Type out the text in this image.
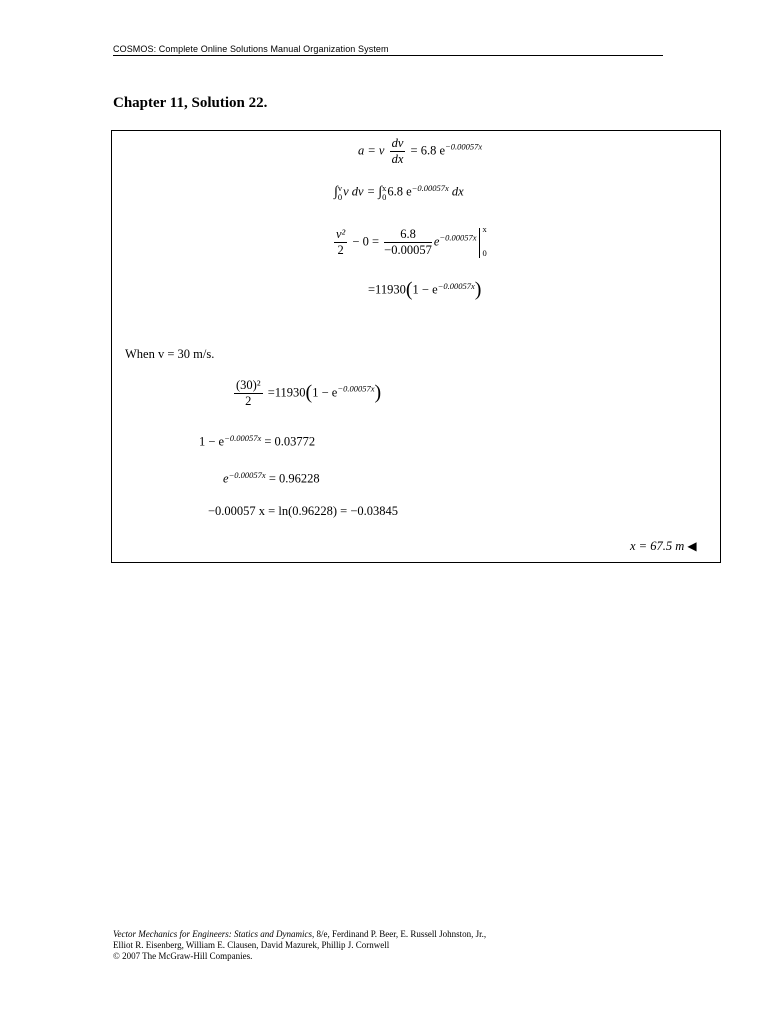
COSMOS: Complete Online Solutions Manual Organization System
Chapter 11, Solution 22.
a = v $\frac{dv}{dx} = 6.8$ $e^{-0.00057x}$
∫ v
0 v dv = ∫ x
0 6.8 $e^{-0.00057x}$ dx
$\frac{\text{v²}}{2} - 0 = \frac{6.8}{-0.00057} e^{-0.00057x}$
x
0
$=11930(1 - e^{-0.00057x})$
When v = 30 m/s.
$\frac{\text{(30)²}}{2} =11930(1 - e^{-0.00057x})$
$1 - e^{-0.00057x} = 0.03772$
$e^{-0.00057x} = 0.96228$
−0.00057 x = ln(0.96228) = −0.03845
x = 67.5 m ◀
Vector Mechanics for Engineers: Statics and Dynamics, 8/e, Ferdinand P. Beer, E. Russell Johnston, Jr.,
Elliot R. Eisenberg, William E. Clausen, David Mazurek, Phillip J. Cornwell
© 2007 The McGraw-Hill Companies.
